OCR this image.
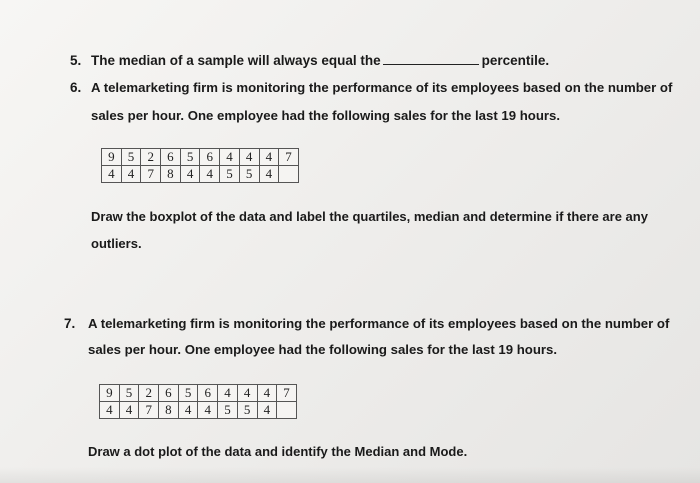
5. The median of a sample will always equal the	percentile.
6. A telemarketing firm is monitoring the performance of its employees based on the number of
sales per hour. One employee had the following sales for the last 19 hours.
9	5	2	6	5	6	4	4	4	7
4	4	7	8	4	4	5	5	4	
Draw the boxplot of the data and label the quartiles, median and determine if there are any
outliers.
7. A telemarketing firm is monitoring the performance of its employees based on the number of
sales per hour. One employee had the following sales for the last 19 hours.
9	5	2	6	5	6	4	4	4	7
4	4	7	8	4	4	5	5	4	
Draw a dot plot of the data and identify the Median and Mode.
